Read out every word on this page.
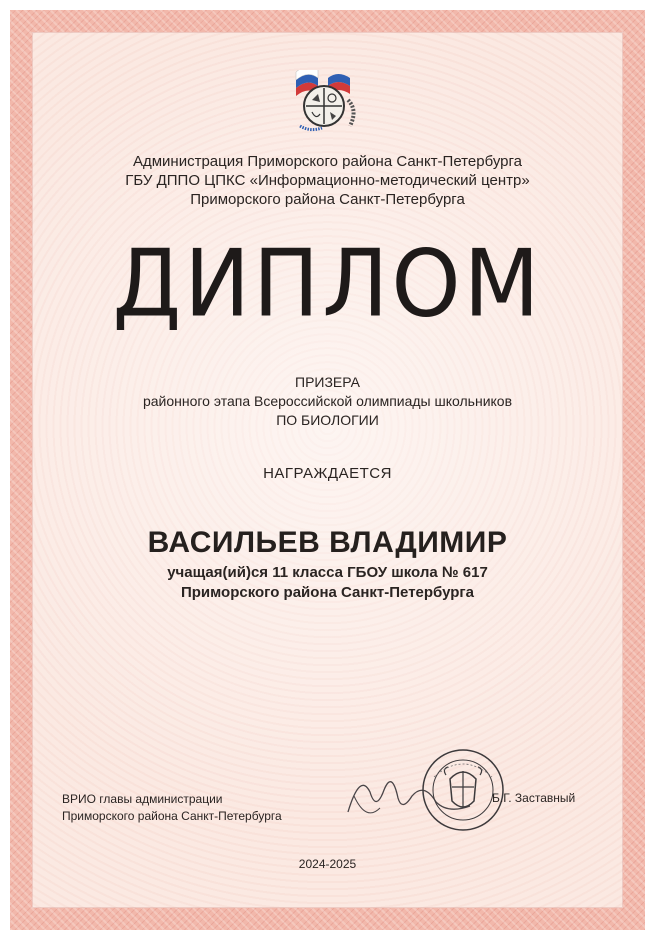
Администрация Приморского района Санкт-Петербурга
ГБУ ДППО ЦПКС «Информационно-методический центр»
Приморского района Санкт-Петербурга
ДИПЛОМ
ПРИЗЕРА
районного этапа Всероссийской олимпиады школьников
ПО БИОЛОГИИ
НАГРАЖДАЕТСЯ
ВАСИЛЬЕВ ВЛАДИМИР
учащая(ий)ся 11 класса ГБОУ школа № 617
Приморского района Санкт-Петербурга
ВРИО главы администрации
Приморского района Санкт-Петербурга
Б.Г. Заставный
2024-2025
